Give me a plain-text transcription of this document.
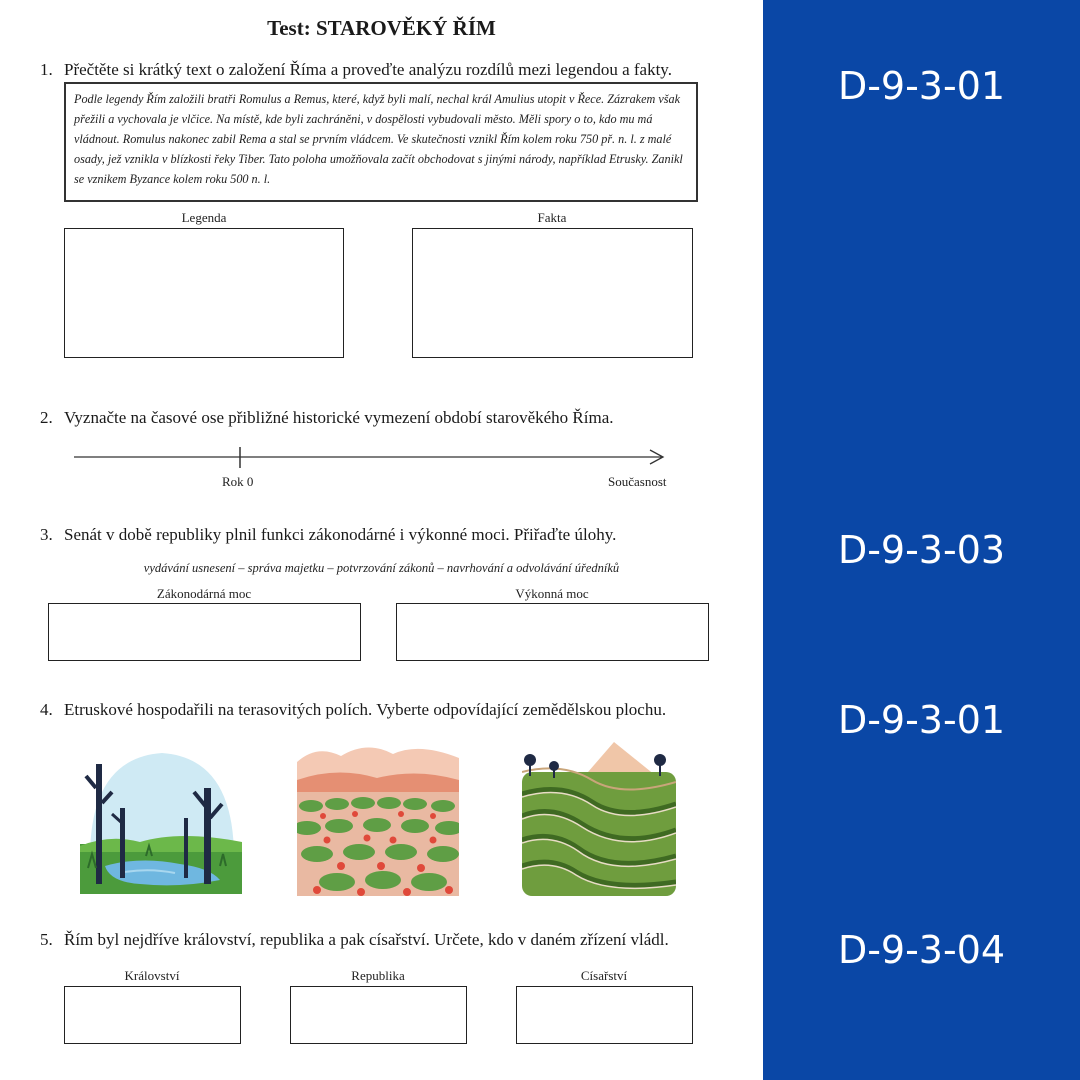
Test: STAROVĚKÝ ŘÍM
1. Přečtěte si krátký text o založení Říma a proveďte analýzu rozdílů mezi legendou a fakty.
Podle legendy Řím založili bratři Romulus a Remus, které, když byli malí, nechal král Amulius utopit v Řece. Zázrakem však přežili a vychovala je vlčice. Na místě, kde byli zachráněni, v dospělosti vybudovali město. Měli spory o to, kdo mu má vládnout. Romulus nakonec zabil Rema a stal se prvním vládcem. Ve skutečnosti vznikl Řím kolem roku 750 př. n. l. z malé osady, jež vznikla v blízkosti řeky Tiber. Tato poloha umožňovala začít obchodovat s jinými národy, například Etrusky. Zanikl se vznikem Byzance kolem roku 500 n. l.
Legenda	Fakta
2. Vyznačte na časové ose přibližné historické vymezení období starověkého Říma.
Rok 0	Současnost
3. Senát v době republiky plnil funkci zákonodárné i výkonné moci. Přiřaďte úlohy.
vydávání usnesení – správa majetku – potvrzování zákonů – navrhování a odvolávání úředníků
Zákonodárná moc	Výkonná moc
4. Etruskové hospodařili na terasovitých polích. Vyberte odpovídající zemědělskou plochu.
5. Řím byl nejdříve království, republika a pak císařství. Určete, kdo v daném zřízení vládl.
Království	Republika	Císařství
D-9-3-01
D-9-3-03
D-9-3-01
D-9-3-04
